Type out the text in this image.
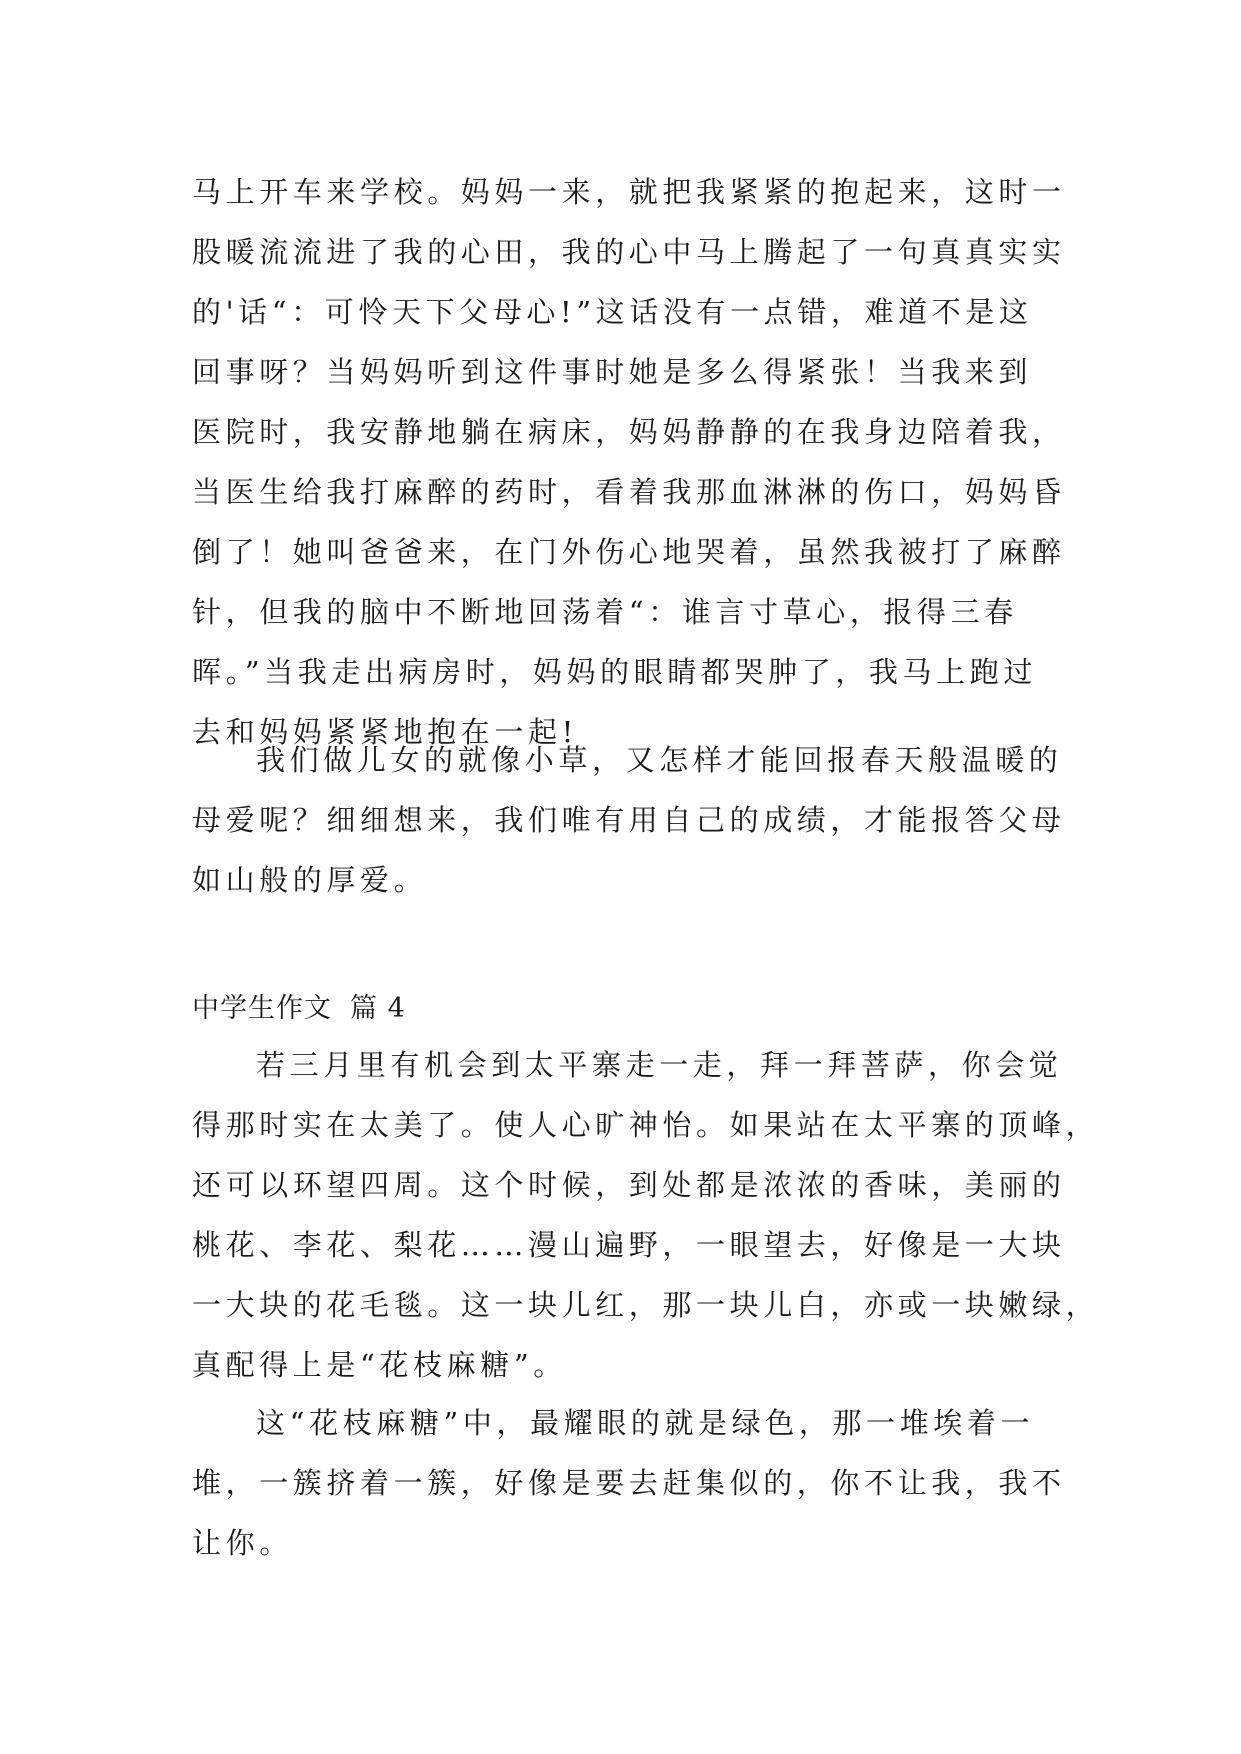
马上开车来学校。妈妈一来，就把我紧紧的抱起来，这时一
股暖流流进了我的心田，我的心中马上腾起了一句真真实实
的'话“：可怜天下父母心!”这话没有一点错，难道不是这
回事呀？当妈妈听到这件事时她是多么得紧张！当我来到
医院时，我安静地躺在病床，妈妈静静的在我身边陪着我，
当医生给我打麻醉的药时，看着我那血淋淋的伤口，妈妈昏
倒了！她叫爸爸来，在门外伤心地哭着，虽然我被打了麻醉
针，但我的脑中不断地回荡着“：谁言寸草心，报得三春
晖。”当我走出病房时，妈妈的眼睛都哭肿了，我马上跑过
去和妈妈紧紧地抱在一起!
我们做儿女的就像小草，又怎样才能回报春天般温暖的
母爱呢？细细想来，我们唯有用自己的成绩，才能报答父母
如山般的厚爱。
中学生作文 篇 4
若三月里有机会到太平寨走一走，拜一拜菩萨，你会觉
得那时实在太美了。使人心旷神怡。如果站在太平寨的顶峰，
还可以环望四周。这个时候，到处都是浓浓的香味，美丽的
桃花、李花、梨花……漫山遍野，一眼望去，好像是一大块
一大块的花毛毯。这一块儿红，那一块儿白，亦或一块嫩绿，
真配得上是“花枝麻糖”。
这“花枝麻糖”中，最耀眼的就是绿色，那一堆埃着一
堆，一簇挤着一簇，好像是要去赶集似的，你不让我，我不
让你。
